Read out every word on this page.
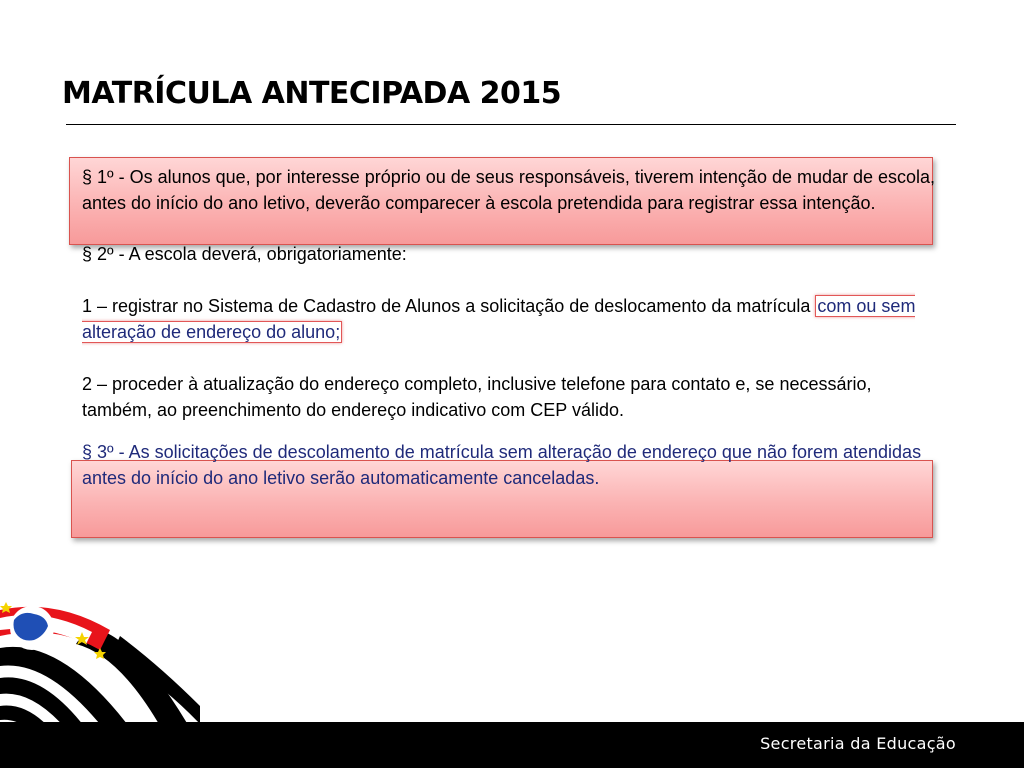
MATRÍCULA ANTECIPADA 2015

§ 1º - Os alunos que, por interesse próprio ou de seus responsáveis, tiverem intenção de mudar de escola, antes do início do ano letivo, deverão comparecer à escola pretendida para registrar essa intenção.

§ 2º - A escola deverá, obrigatoriamente:

1 – registrar no Sistema de Cadastro de Alunos a solicitação de deslocamento da matrícula com ou sem alteração de endereço do aluno;

2 – proceder à atualização do endereço completo, inclusive telefone para contato e, se necessário, também, ao preenchimento do endereço indicativo com CEP válido.

§ 3º - As solicitações de descolamento de matrícula sem alteração de endereço que não forem atendidas antes do início do ano letivo serão automaticamente canceladas.

Secretaria da Educação
